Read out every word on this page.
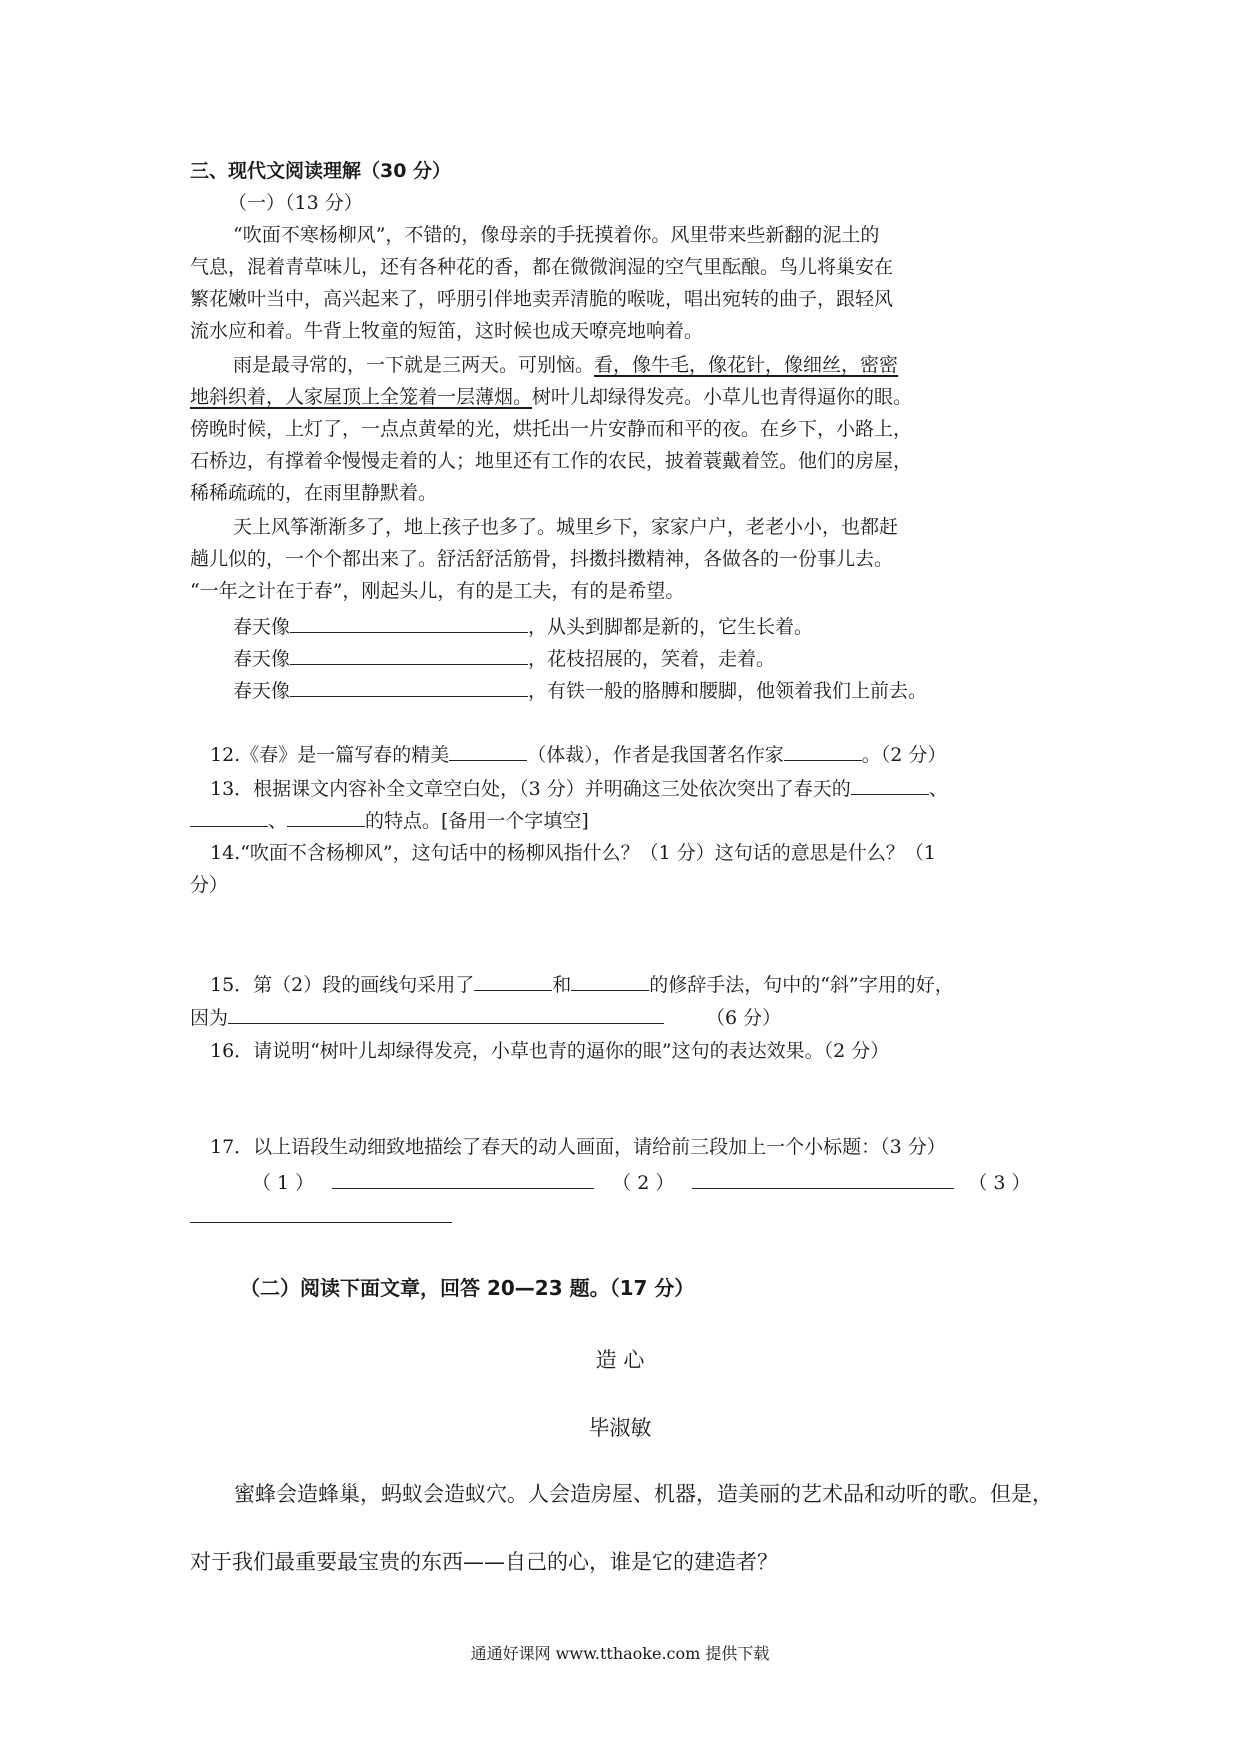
三、现代文阅读理解（30 分）
（一）（13 分）
“吹面不寒杨柳风”，不错的，像母亲的手抚摸着你。风里带来些新翻的泥土的
气息，混着青草味儿，还有各种花的香，都在微微润湿的空气里酝酿。鸟儿将巢安在
繁花嫩叶当中，高兴起来了，呼朋引伴地卖弄清脆的喉咙，唱出宛转的曲子，跟轻风
流水应和着。牛背上牧童的短笛，这时候也成天嘹亮地响着。
雨是最寻常的，一下就是三两天。可别恼。看，像牛毛，像花针，像细丝，密密
地斜织着，人家屋顶上全笼着一层薄烟。树叶儿却绿得发亮。小草儿也青得逼你的眼。
傍晚时候，上灯了，一点点黄晕的光，烘托出一片安静而和平的夜。在乡下，小路上，
石桥边，有撑着伞慢慢走着的人；地里还有工作的农民，披着蓑戴着笠。他们的房屋，
稀稀疏疏的，在雨里静默着。
天上风筝渐渐多了，地上孩子也多了。城里乡下，家家户户，老老小小，也都赶
趟儿似的，一个个都出来了。舒活舒活筋骨，抖擞抖擞精神，各做各的一份事儿去。
“一年之计在于春”，刚起头儿，有的是工夫，有的是希望。
春天像	，从头到脚都是新的，它生长着。
春天像	，花枝招展的，笑着，走着。
春天像	，有铁一般的胳膊和腰脚，他领着我们上前去。
12.《春》是一篇写春的精美	（体裁），作者是我国著名作家	。（2 分）
13．根据课文内容补全文章空白处，（3 分）并明确这三处依次突出了春天的	、
、	的特点。[备用一个字填空]
14.“吹面不含杨柳风”，这句话中的杨柳风指什么？（1 分）这句话的意思是什么？（1
分）
15．第（2）段的画线句采用了	和	的修辞手法，句中的“斜”字用的好，
因为	（6 分）
16．请说明“树叶儿却绿得发亮，小草也青的逼你的眼”这句的表达效果。（2 分）
17．以上语段生动细致地描绘了春天的动人画面，请给前三段加上一个小标题：（3 分）
（ 1 ）	（ 2 ）	（ 3 ）
（二）阅读下面文章，回答 20—23 题。（17 分）
造 心
毕淑敏
蜜蜂会造蜂巢，蚂蚁会造蚁穴。人会造房屋、机器，造美丽的艺术品和动听的歌。但是，
对于我们最重要最宝贵的东西——自己的心，谁是它的建造者？
通通好课网 www.tthaoke.com 提供下载
